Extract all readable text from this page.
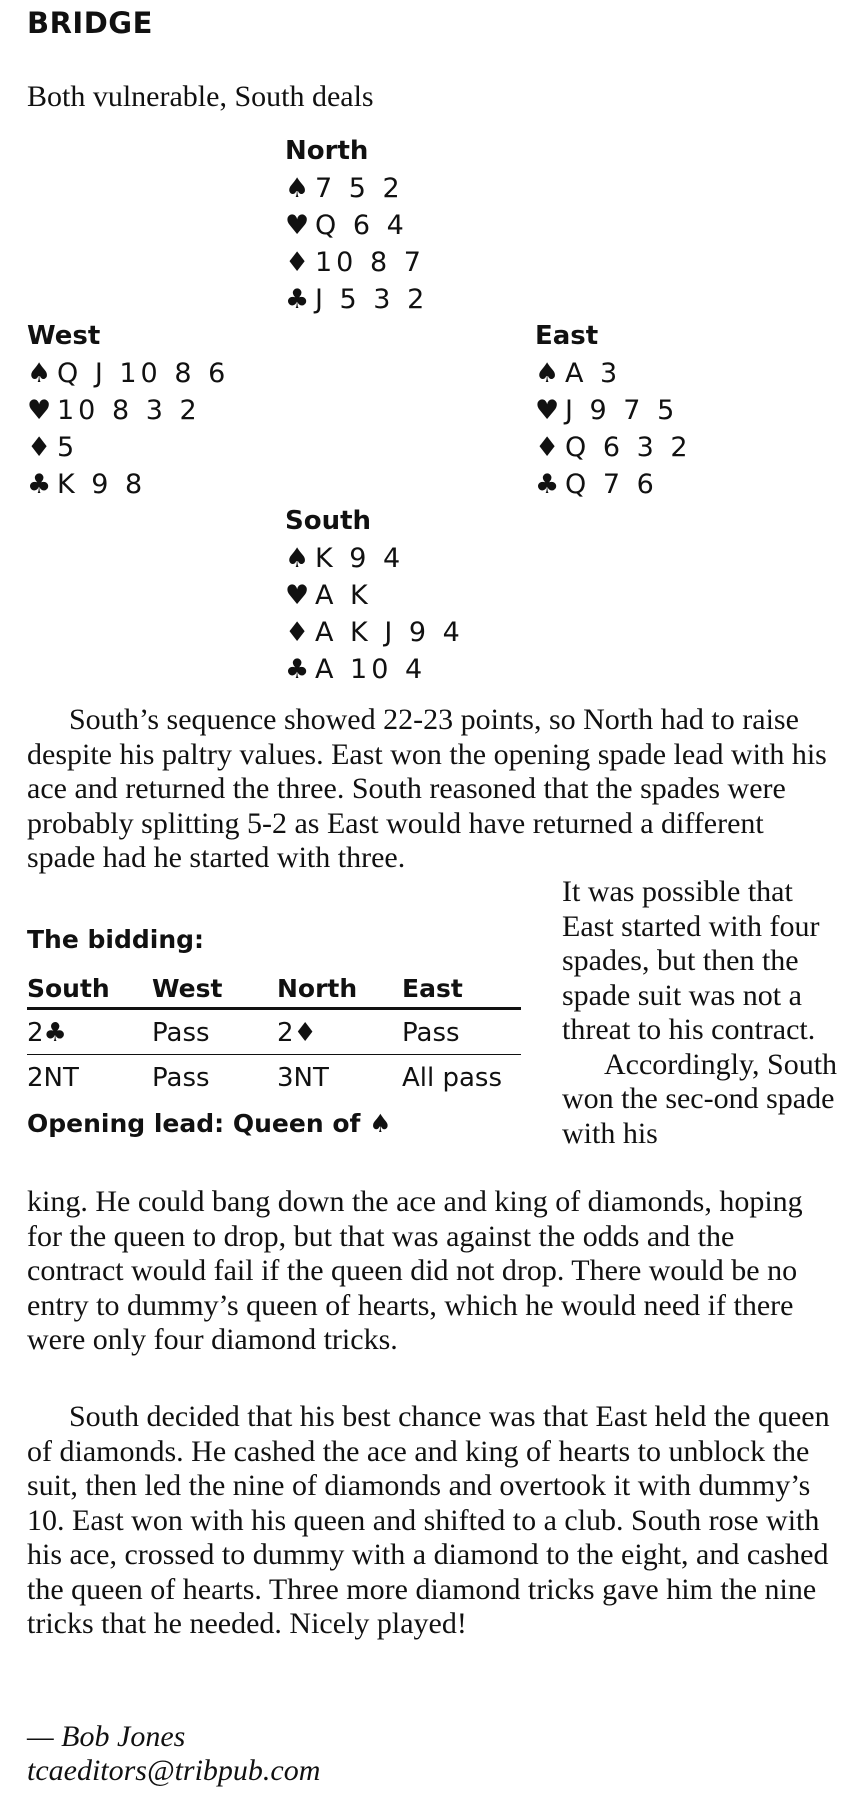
BRIDGE
Both vulnerable, South deals
North
♠ 7 5 2
♥ Q 6 4
♦ 10 8 7
♣ J 5 3 2
West
♠ Q J 10 8 6
♥ 10 8 3 2
♦ 5
♣ K 9 8
East
♠ A 3
♥ J 9 7 5
♦ Q 6 3 2
♣ Q 7 6
South
♠ K 9 4
♥ A K
♦ A K J 9 4
♣ A 10 4

South’s sequence showed 22-23 points, so North had to raise despite his paltry values. East won the opening spade lead with his ace and returned the three. South reasoned that the spades were probably splitting 5-2 as East would have returned a different spade had he started with three.

It was possible that East started with four spades, but then the spade suit was not a threat to his contract.
Accordingly, South won the sec-ond spade with his
The bidding:
South	West	North	East
2♣	Pass	2♦	Pass
2NT	Pass	3NT	All pass
Opening lead: Queen of ♠

king. He could bang down the ace and king of diamonds, hoping for the queen to drop, but that was against the odds and the contract would fail if the queen did not drop. There would be no entry to dummy’s queen of hearts, which he would need if there were only four diamond tricks.

South decided that his best chance was that East held the queen of diamonds. He cashed the ace and king of hearts to unblock the suit, then led the nine of diamonds and overtook it with dummy’s 10. East won with his queen and shifted to a club. South rose with his ace, crossed to dummy with a diamond to the eight, and cashed the queen of hearts. Three more diamond tricks gave him the nine tricks that he needed. Nicely played!

— Bob Jones
tcaeditors@tribpub.com
